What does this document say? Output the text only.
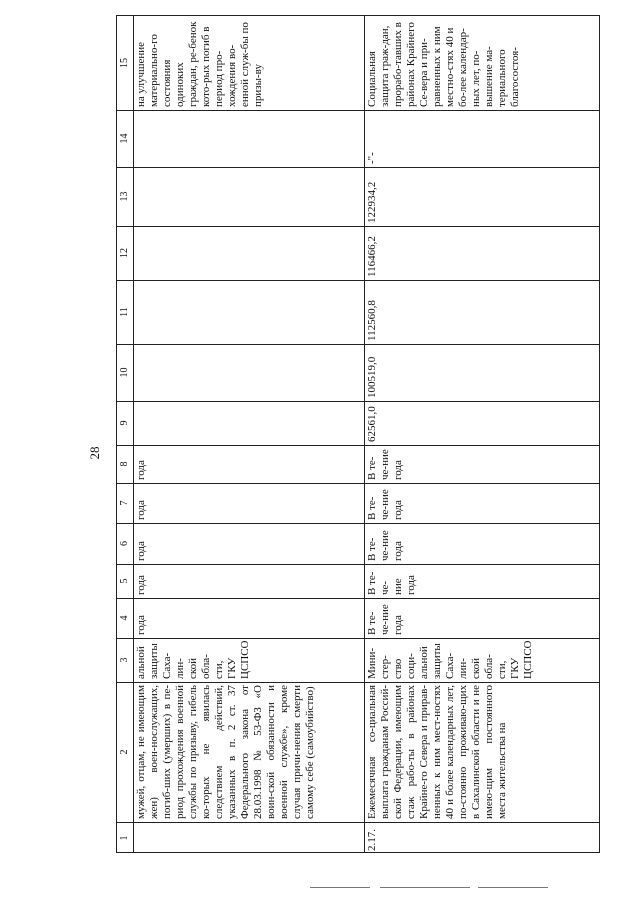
28
1
2
3
4
5
6
7
8
9
10
11
12
13
14
15
мужей, отцам, не имеющим жен) воен-нослужащих, погиб-ших (умерших) в пе-риод прохождения военной службы по призыву, гибель ко-торых не явилась следствием действий, указанных в п. 2 ст. 37 Федерального закона от 28.03.1998 № 53-ФЗ «О воин-ской обязанности и военной службе», кроме случая причи-нения смерти самому себе (самоубийство)
альной защиты Саха-лин-ской обла-сти, ГКУ ЦСПСО
года
года
года
года
года
на улучшение материально-го состояния одиноких граждан, ре-бенок кото-рых погиб в период про-хождения во-енной служ-бы по призы-ву
2.17.
Ежемесячная со-циальная выплата гражданам Россий-ской Федерации, имеющим стаж рабо-ты в районах Крайне-го Севера и прирав-ненных к ним мест-ностях 40 и более календарных лет, по-стоянно проживаю-щих в Сахалинской области и не имею-щим постоянного места жительства на
Мини-стер-ство соци-альной защиты Саха-лин-ской обла-сти, ГКУ ЦСПСО
В те-че-ние года
В те-че-ние года
В те-че-ние года
В те-че-ние года
В те-че-ние года
62561,0
100519,0
112560,8
116466,2
122934,2
-"-
Социальная защита граж-дан, прорабо-тавших в районах Крайнего Се-вера и при-равненных к ним местно-стях 40 и бо-лее календар-ных лет, по-вышение ма-териального благосостоя-
